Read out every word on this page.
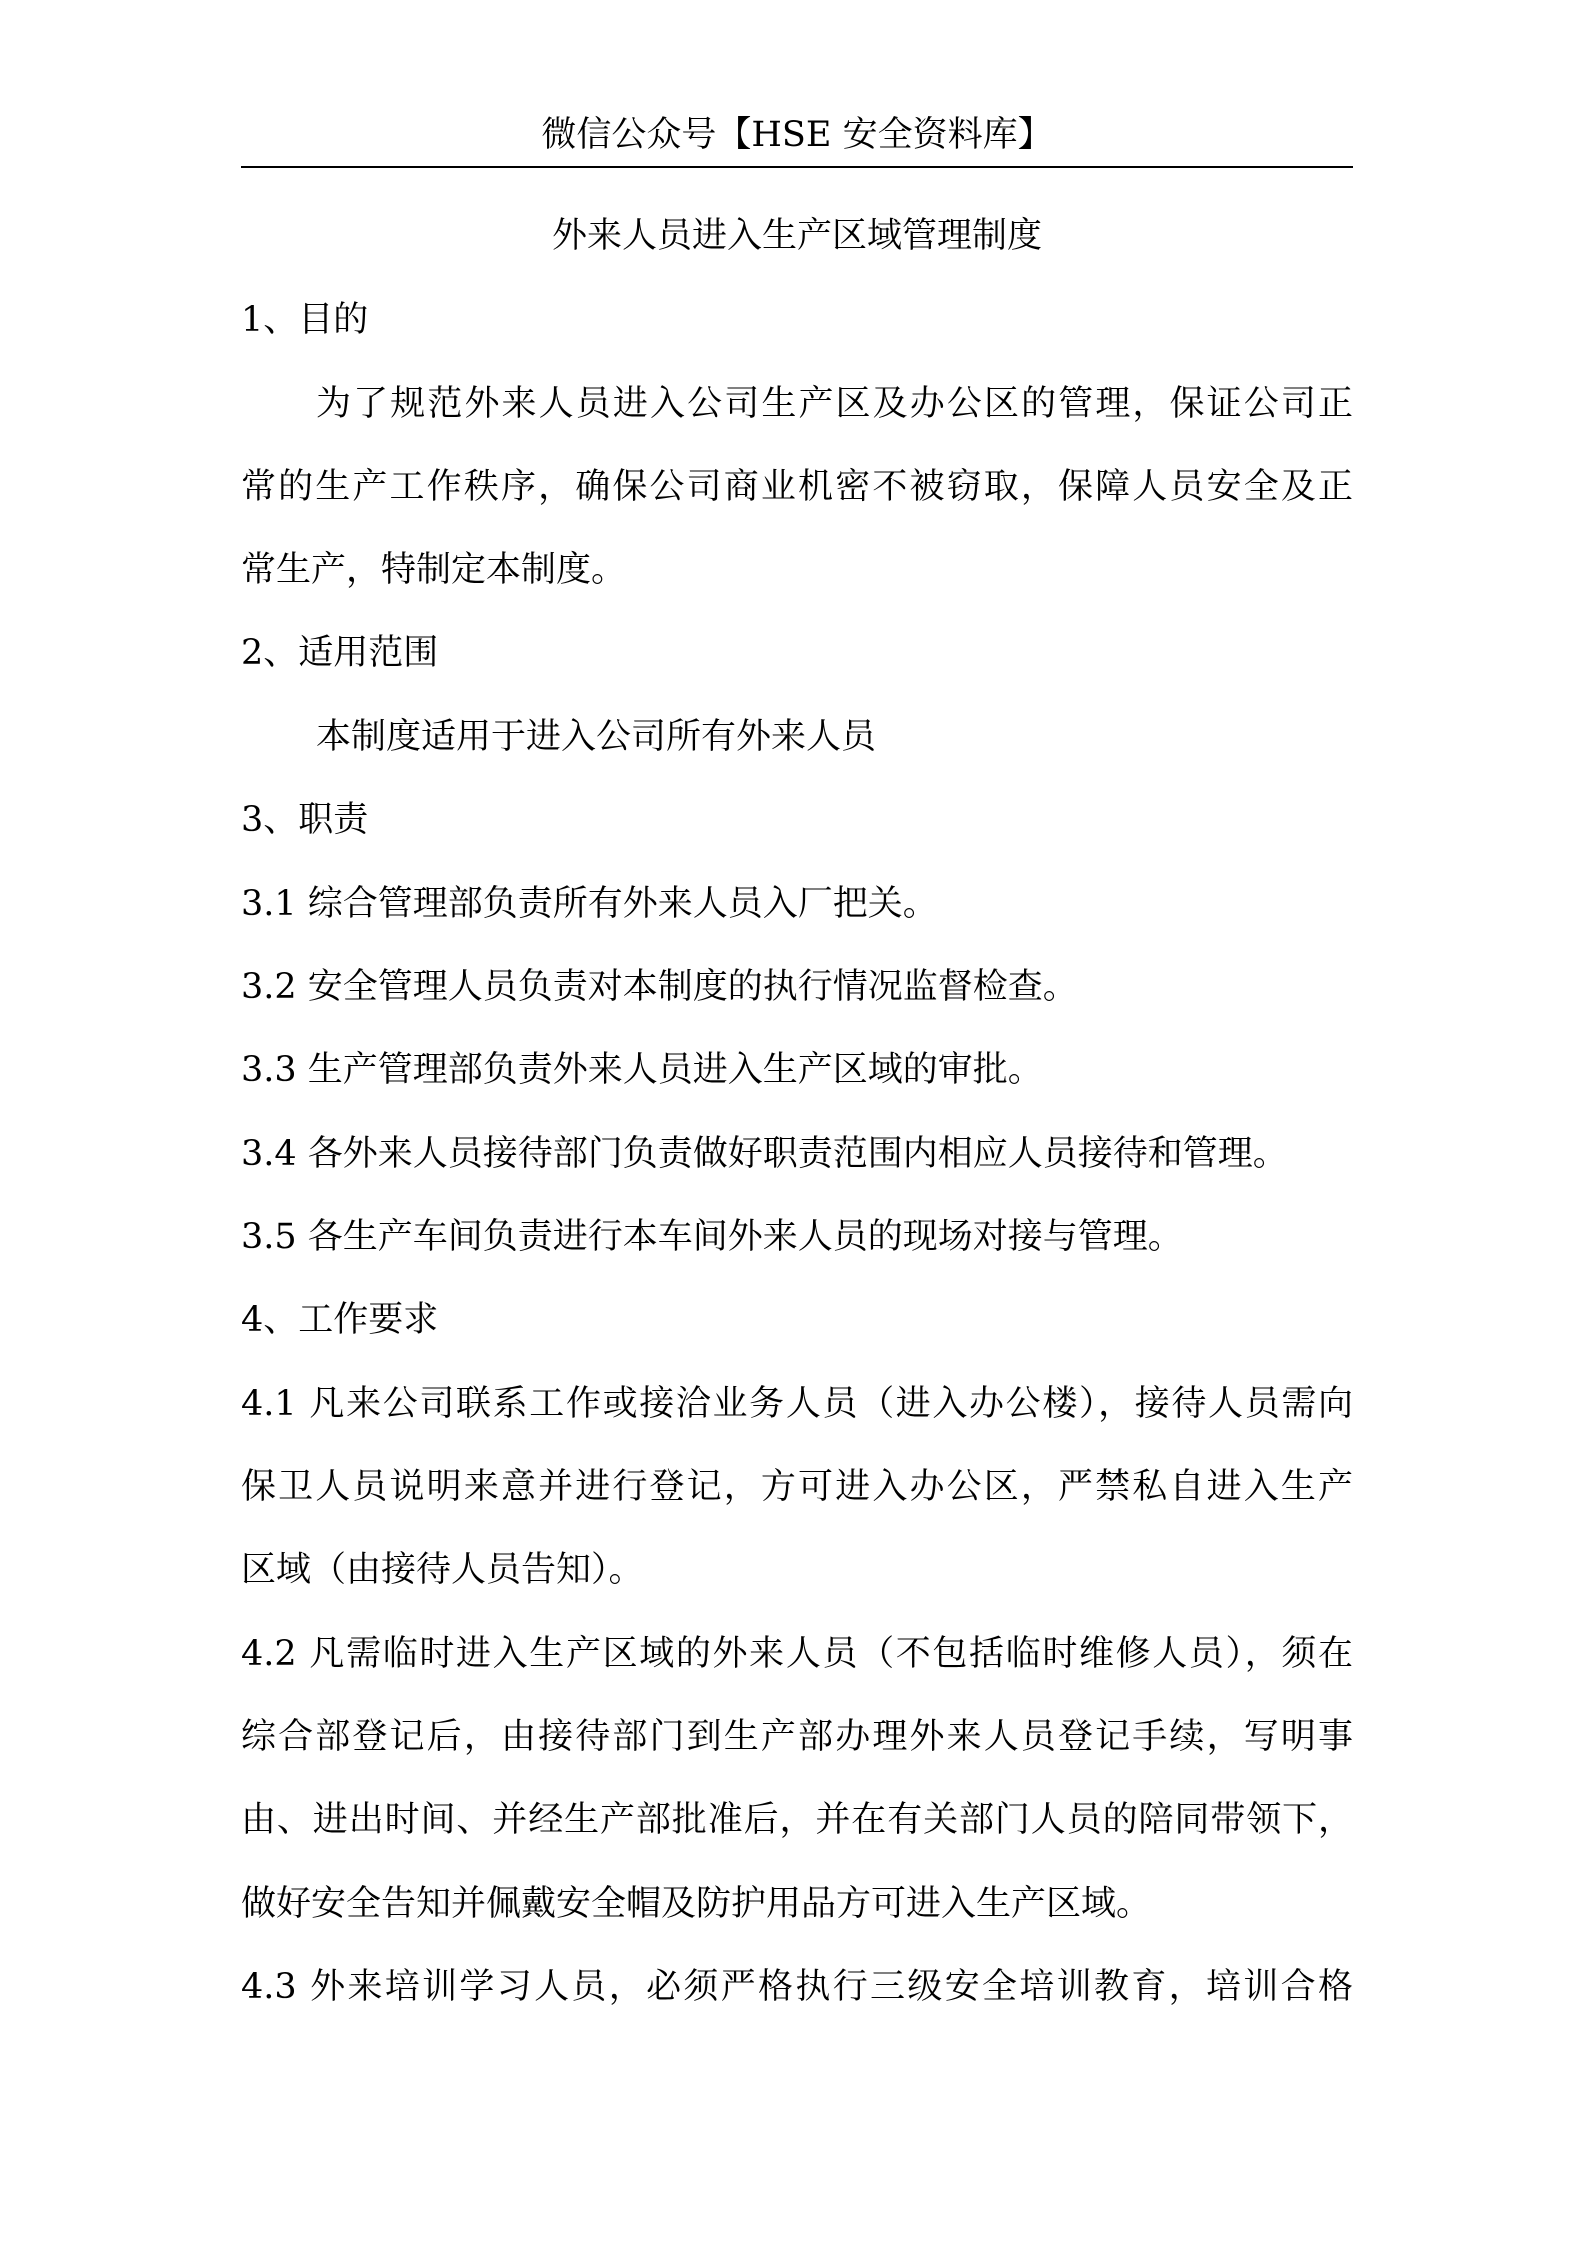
微信公众号【HSE 安全资料库】
外来人员进入生产区域管理制度
1、目的
为了规范外来人员进入公司生产区及办公区的管理，保证公司正
常的生产工作秩序，确保公司商业机密不被窃取，保障人员安全及正
常生产，特制定本制度。
2、适用范围
本制度适用于进入公司所有外来人员
3、职责
3.1 综合管理部负责所有外来人员入厂把关。
3.2 安全管理人员负责对本制度的执行情况监督检查。
3.3 生产管理部负责外来人员进入生产区域的审批。
3.4 各外来人员接待部门负责做好职责范围内相应人员接待和管理。
3.5 各生产车间负责进行本车间外来人员的现场对接与管理。
4、工作要求
4.1 凡来公司联系工作或接洽业务人员（进入办公楼），接待人员需向
保卫人员说明来意并进行登记，方可进入办公区，严禁私自进入生产
区域（由接待人员告知）。
4.2 凡需临时进入生产区域的外来人员（不包括临时维修人员），须在
综合部登记后，由接待部门到生产部办理外来人员登记手续，写明事
由、进出时间、并经生产部批准后，并在有关部门人员的陪同带领下，
做好安全告知并佩戴安全帽及防护用品方可进入生产区域。
4.3 外来培训学习人员，必须严格执行三级安全培训教育，培训合格
